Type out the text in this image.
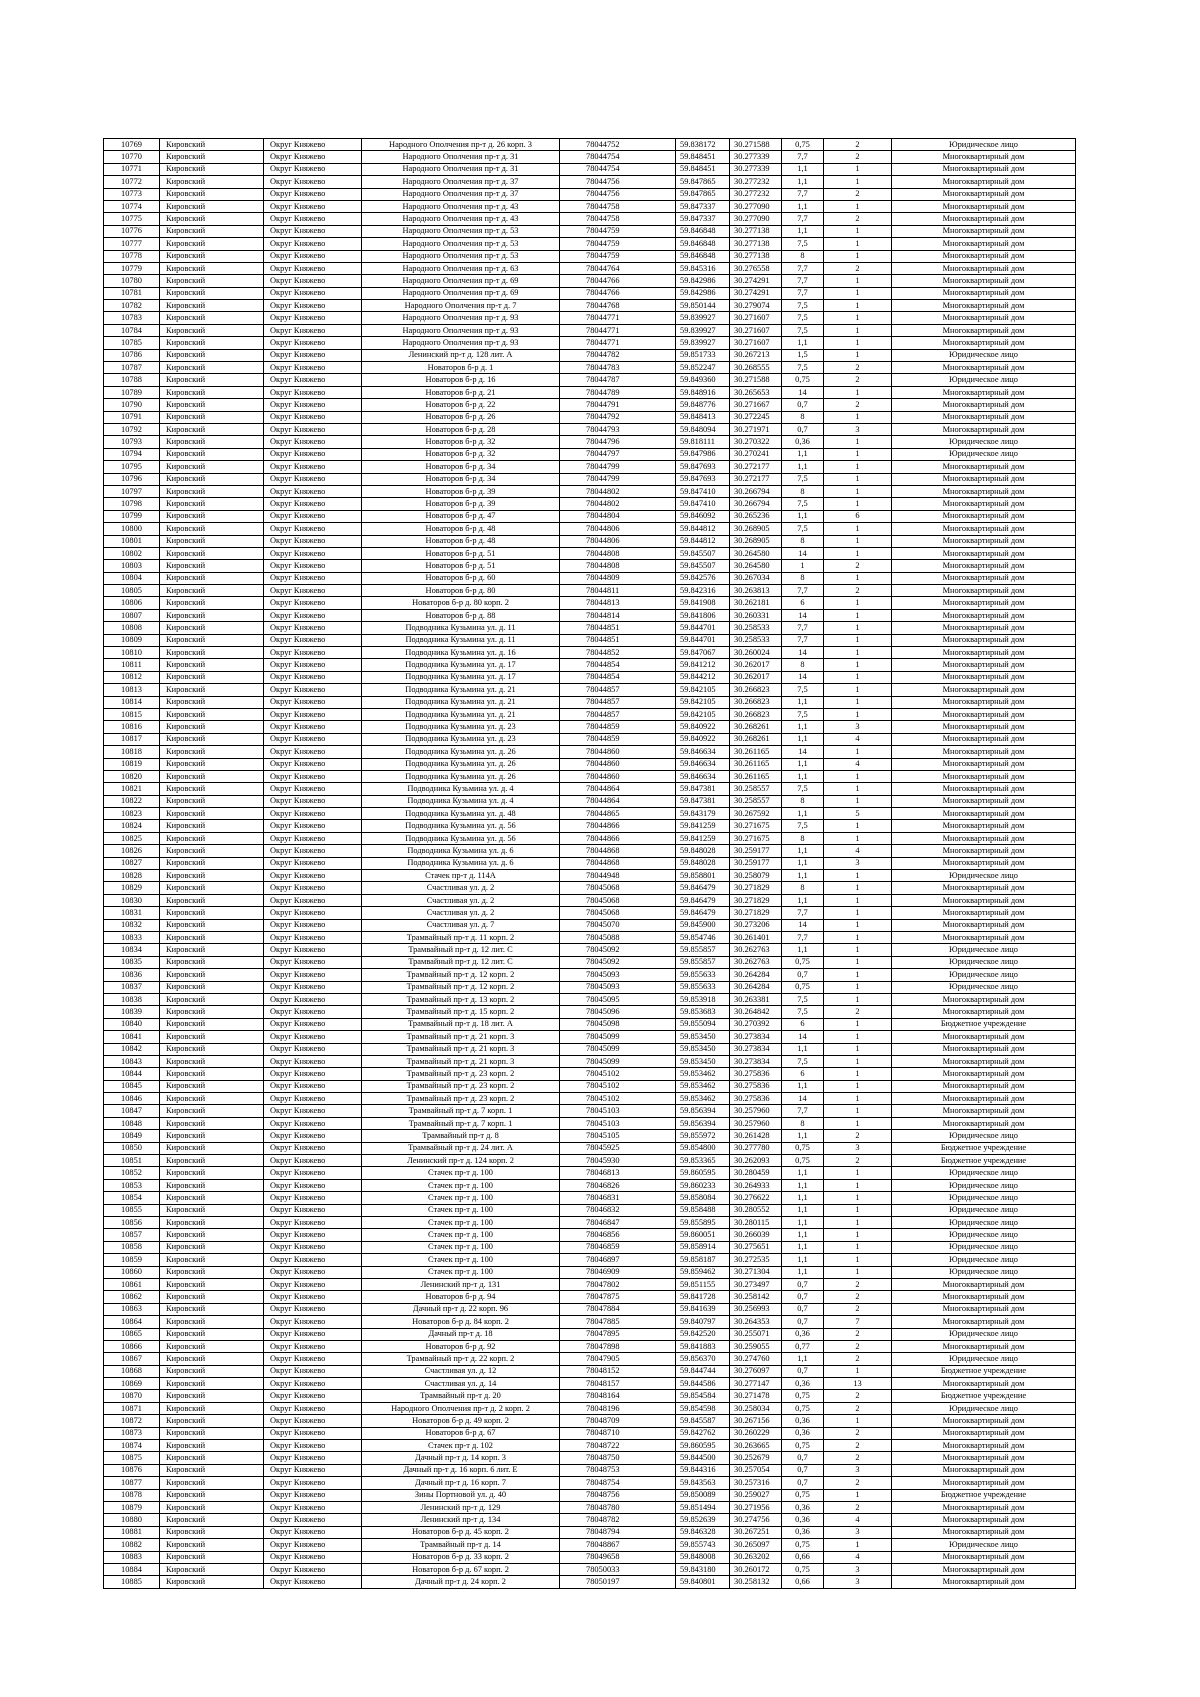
10769	Кировский	Округ Княжево	Народного Ополчения пр-т д. 26 корп. 3	78044752	59.838172	30.271588	0,75	2	Юридическое лицо
10770	Кировский	Округ Княжево	Народного Ополчения пр-т д. 31	78044754	59.848451	30.277339	7,7	2	Многоквартирный дом
10771	Кировский	Округ Княжево	Народного Ополчения пр-т д. 31	78044754	59.848451	30.277339	1,1	1	Многоквартирный дом
10772	Кировский	Округ Княжево	Народного Ополчения пр-т д. 37	78044756	59.847865	30.277232	1,1	1	Многоквартирный дом
10773	Кировский	Округ Княжево	Народного Ополчения пр-т д. 37	78044756	59.847865	30.277232	7,7	2	Многоквартирный дом
10774	Кировский	Округ Княжево	Народного Ополчения пр-т д. 43	78044758	59.847337	30.277090	1,1	1	Многоквартирный дом
10775	Кировский	Округ Княжево	Народного Ополчения пр-т д. 43	78044758	59.847337	30.277090	7,7	2	Многоквартирный дом
10776	Кировский	Округ Княжево	Народного Ополчения пр-т д. 53	78044759	59.846848	30.277138	1,1	1	Многоквартирный дом
10777	Кировский	Округ Княжево	Народного Ополчения пр-т д. 53	78044759	59.846848	30.277138	7,5	1	Многоквартирный дом
10778	Кировский	Округ Княжево	Народного Ополчения пр-т д. 53	78044759	59.846848	30.277138	8	1	Многоквартирный дом
10779	Кировский	Округ Княжево	Народного Ополчения пр-т д. 63	78044764	59.845316	30.276558	7,7	2	Многоквартирный дом
10780	Кировский	Округ Княжево	Народного Ополчения пр-т д. 69	78044766	59.842986	30.274291	7,7	1	Многоквартирный дом
10781	Кировский	Округ Княжево	Народного Ополчения пр-т д. 69	78044766	59.842986	30.274291	7,7	1	Многоквартирный дом
10782	Кировский	Округ Княжево	Народного Ополчения пр-т д. 7	78044768	59.850144	30.279074	7,5	1	Многоквартирный дом
10783	Кировский	Округ Княжево	Народного Ополчения пр-т д. 93	78044771	59.839927	30.271607	7,5	1	Многоквартирный дом
10784	Кировский	Округ Княжево	Народного Ополчения пр-т д. 93	78044771	59.839927	30.271607	7,5	1	Многоквартирный дом
10785	Кировский	Округ Княжево	Народного Ополчения пр-т д. 93	78044771	59.839927	30.271607	1,1	1	Многоквартирный дом
10786	Кировский	Округ Княжево	Ленинский пр-т д. 128 лит. А	78044782	59.851733	30.267213	1,5	1	Юридическое лицо
10787	Кировский	Округ Княжево	Новаторов б-р д. 1	78044783	59.852247	30.268555	7,5	2	Многоквартирный дом
10788	Кировский	Округ Княжево	Новаторов б-р д. 16	78044787	59.849360	30.271588	0,75	2	Юридическое лицо
10789	Кировский	Округ Княжево	Новаторов б-р д. 21	78044789	59.848916	30.265653	14	1	Многоквартирный дом
10790	Кировский	Округ Княжево	Новаторов б-р д. 22	78044791	59.848776	30.271667	0,7	2	Многоквартирный дом
10791	Кировский	Округ Княжево	Новаторов б-р д. 26	78044792	59.848413	30.272245	8	1	Многоквартирный дом
10792	Кировский	Округ Княжево	Новаторов б-р д. 28	78044793	59.848094	30.271971	0,7	3	Многоквартирный дом
10793	Кировский	Округ Княжево	Новаторов б-р д. 32	78044796	59.818111	30.270322	0,36	1	Юридическое лицо
10794	Кировский	Округ Княжево	Новаторов б-р д. 32	78044797	59.847986	30.270241	1,1	1	Юридическое лицо
10795	Кировский	Округ Княжево	Новаторов б-р д. 34	78044799	59.847693	30.272177	1,1	1	Многоквартирный дом
10796	Кировский	Округ Княжево	Новаторов б-р д. 34	78044799	59.847693	30.272177	7,5	1	Многоквартирный дом
10797	Кировский	Округ Княжево	Новаторов б-р д. 39	78044802	59.847410	30.266794	8	1	Многоквартирный дом
10798	Кировский	Округ Княжево	Новаторов б-р д. 39	78044802	59.847410	30.266794	7,5	1	Многоквартирный дом
10799	Кировский	Округ Княжево	Новаторов б-р д. 47	78044804	59.846092	30.265236	1,1	6	Многоквартирный дом
10800	Кировский	Округ Княжево	Новаторов б-р д. 48	78044806	59.844812	30.268905	7,5	1	Многоквартирный дом
10801	Кировский	Округ Княжево	Новаторов б-р д. 48	78044806	59.844812	30.268905	8	1	Многоквартирный дом
10802	Кировский	Округ Княжево	Новаторов б-р д. 51	78044808	59.845507	30.264580	14	1	Многоквартирный дом
10803	Кировский	Округ Княжево	Новаторов б-р д. 51	78044808	59.845507	30.264580	1	2	Многоквартирный дом
10804	Кировский	Округ Княжево	Новаторов б-р д. 60	78044809	59.842576	30.267034	8	1	Многоквартирный дом
10805	Кировский	Округ Княжево	Новаторов б-р д. 80	78044811	59.842316	30.263813	7,7	2	Многоквартирный дом
10806	Кировский	Округ Княжево	Новаторов б-р д. 80 корп. 2	78044813	59.841908	30.262181	6	1	Многоквартирный дом
10807	Кировский	Округ Княжево	Новаторов б-р д. 88	78044814	59.841806	30.260331	14	1	Многоквартирный дом
10808	Кировский	Округ Княжево	Подводника Кузьмина ул. д. 11	78044851	59.844701	30.258533	7,7	1	Многоквартирный дом
10809	Кировский	Округ Княжево	Подводника Кузьмина ул. д. 11	78044851	59.844701	30.258533	7,7	1	Многоквартирный дом
10810	Кировский	Округ Княжево	Подводника Кузьмина ул. д. 16	78044852	59.847067	30.260024	14	1	Многоквартирный дом
10811	Кировский	Округ Княжево	Подводника Кузьмина ул. д. 17	78044854	59.841212	30.262017	8	1	Многоквартирный дом
10812	Кировский	Округ Княжево	Подводника Кузьмина ул. д. 17	78044854	59.844212	30.262017	14	1	Многоквартирный дом
10813	Кировский	Округ Княжево	Подводника Кузьмина ул. д. 21	78044857	59.842105	30.266823	7,5	1	Многоквартирный дом
10814	Кировский	Округ Княжево	Подводника Кузьмина ул. д. 21	78044857	59.842105	30.266823	1,1	1	Многоквартирный дом
10815	Кировский	Округ Княжево	Подводника Кузьмина ул. д. 21	78044857	59.842105	30.266823	7,5	1	Многоквартирный дом
10816	Кировский	Округ Княжево	Подводника Кузьмина ул. д. 23	78044859	59.840922	30.268261	1,1	3	Многоквартирный дом
10817	Кировский	Округ Княжево	Подводника Кузьмина ул. д. 23	78044859	59.840922	30.268261	1,1	4	Многоквартирный дом
10818	Кировский	Округ Княжево	Подводника Кузьмина ул. д. 26	78044860	59.846634	30.261165	14	1	Многоквартирный дом
10819	Кировский	Округ Княжево	Подводника Кузьмина ул. д. 26	78044860	59.846634	30.261165	1,1	4	Многоквартирный дом
10820	Кировский	Округ Княжево	Подводника Кузьмина ул. д. 26	78044860	59.846634	30.261165	1,1	1	Многоквартирный дом
10821	Кировский	Округ Княжево	Подводника Кузьмина ул. д. 4	78044864	59.847381	30.258557	7,5	1	Многоквартирный дом
10822	Кировский	Округ Княжево	Подводника Кузьмина ул. д. 4	78044864	59.847381	30.258557	8	1	Многоквартирный дом
10823	Кировский	Округ Княжево	Подводника Кузьмина ул. д. 48	78044865	59.843179	30.267592	1,1	5	Многоквартирный дом
10824	Кировский	Округ Княжево	Подводника Кузьмина ул. д. 56	78044866	59.841259	30.271675	7,5	1	Многоквартирный дом
10825	Кировский	Округ Княжево	Подводника Кузьмина ул. д. 56	78044866	59.841259	30.271675	8	1	Многоквартирный дом
10826	Кировский	Округ Княжево	Подводника Кузьмина ул. д. 6	78044868	59.848028	30.259177	1,1	4	Многоквартирный дом
10827	Кировский	Округ Княжево	Подводника Кузьмина ул. д. 6	78044868	59.848028	30.259177	1,1	3	Многоквартирный дом
10828	Кировский	Округ Княжево	Стачек пр-т д. 114А	78044948	59.858801	30.258079	1,1	1	Юридическое лицо
10829	Кировский	Округ Княжево	Счастливая ул. д. 2	78045068	59.846479	30.271829	8	1	Многоквартирный дом
10830	Кировский	Округ Княжево	Счастливая ул. д. 2	78045068	59.846479	30.271829	1,1	1	Многоквартирный дом
10831	Кировский	Округ Княжево	Счастливая ул. д. 2	78045068	59.846479	30.271829	7,7	1	Многоквартирный дом
10832	Кировский	Округ Княжево	Счастливая ул. д. 7	78045070	59.845900	30.273206	14	1	Многоквартирный дом
10833	Кировский	Округ Княжево	Трамвайный пр-т д. 11 корп. 2	78045088	59.854746	30.261401	7,7	1	Многоквартирный дом
10834	Кировский	Округ Княжево	Трамвайный пр-т д. 12 лит. С	78045092	59.855857	30.262763	1,1	1	Юридическое лицо
10835	Кировский	Округ Княжево	Трамвайный пр-т д. 12 лит. С	78045092	59.855857	30.262763	0,75	1	Юридическое лицо
10836	Кировский	Округ Княжево	Трамвайный пр-т д. 12 корп. 2	78045093	59.855633	30.264284	0,7	1	Юридическое лицо
10837	Кировский	Округ Княжево	Трамвайный пр-т д. 12 корп. 2	78045093	59.855633	30.264284	0,75	1	Юридическое лицо
10838	Кировский	Округ Княжево	Трамвайный пр-т д. 13 корп. 2	78045095	59.853918	30.263381	7,5	1	Многоквартирный дом
10839	Кировский	Округ Княжево	Трамвайный пр-т д. 15 корп. 2	78045096	59.853683	30.264842	7,5	2	Многоквартирный дом
10840	Кировский	Округ Княжево	Трамвайный пр-т д. 18 лит. А	78045098	59.855094	30.270392	6	1	Бюджетное учреждение
10841	Кировский	Округ Княжево	Трамвайный пр-т д. 21 корп. 3	78045099	59.853450	30.273834	14	1	Многоквартирный дом
10842	Кировский	Округ Княжево	Трамвайный пр-т д. 21 корп. 3	78045099	59.853450	30.273834	1,1	1	Многоквартирный дом
10843	Кировский	Округ Княжево	Трамвайный пр-т д. 21 корп. 3	78045099	59.853450	30.273834	7,5	1	Многоквартирный дом
10844	Кировский	Округ Княжево	Трамвайный пр-т д. 23 корп. 2	78045102	59.853462	30.275836	6	1	Многоквартирный дом
10845	Кировский	Округ Княжево	Трамвайный пр-т д. 23 корп. 2	78045102	59.853462	30.275836	1,1	1	Многоквартирный дом
10846	Кировский	Округ Княжево	Трамвайный пр-т д. 23 корп. 2	78045102	59.853462	30.275836	14	1	Многоквартирный дом
10847	Кировский	Округ Княжево	Трамвайный пр-т д. 7 корп. 1	78045103	59.856394	30.257960	7,7	1	Многоквартирный дом
10848	Кировский	Округ Княжево	Трамвайный пр-т д. 7 корп. 1	78045103	59.856394	30.257960	8	1	Многоквартирный дом
10849	Кировский	Округ Княжево	Трамвайный пр-т д. 8	78045105	59.855972	30.261428	1,1	2	Юридическое лицо
10850	Кировский	Округ Княжево	Трамвайный пр-т д. 24 лит. А	78045925	59.854800	30.277780	0,75	3	Бюджетное учреждение
10851	Кировский	Округ Княжево	Ленинский пр-т д. 124 корп. 2	78045930	59.853365	30.262093	0,75	2	Бюджетное учреждение
10852	Кировский	Округ Княжево	Стачек пр-т д. 100	78046813	59.860595	30.280459	1,1	1	Юридическое лицо
10853	Кировский	Округ Княжево	Стачек пр-т д. 100	78046826	59.860233	30.264933	1,1	1	Юридическое лицо
10854	Кировский	Округ Княжево	Стачек пр-т д. 100	78046831	59.858084	30.276622	1,1	1	Юридическое лицо
10855	Кировский	Округ Княжево	Стачек пр-т д. 100	78046832	59.858488	30.280552	1,1	1	Юридическое лицо
10856	Кировский	Округ Княжево	Стачек пр-т д. 100	78046847	59.855895	30.280115	1,1	1	Юридическое лицо
10857	Кировский	Округ Княжево	Стачек пр-т д. 100	78046856	59.860051	30.266039	1,1	1	Юридическое лицо
10858	Кировский	Округ Княжево	Стачек пр-т д. 100	78046859	59.858914	30.275651	1,1	1	Юридическое лицо
10859	Кировский	Округ Княжево	Стачек пр-т д. 100	78046897	59.858187	30.272535	1,1	1	Юридическое лицо
10860	Кировский	Округ Княжево	Стачек пр-т д. 100	78046909	59.859462	30.271304	1,1	1	Юридическое лицо
10861	Кировский	Округ Княжево	Ленинский пр-т д. 131	78047802	59.851155	30.273497	0,7	2	Многоквартирный дом
10862	Кировский	Округ Княжево	Новаторов б-р д. 94	78047875	59.841728	30.258142	0,7	2	Многоквартирный дом
10863	Кировский	Округ Княжево	Дачный пр-т д. 22 корп. 96	78047884	59.841639	30.256993	0,7	2	Многоквартирный дом
10864	Кировский	Округ Княжево	Новаторов б-р д. 84 корп. 2	78047885	59.840797	30.264353	0,7	7	Многоквартирный дом
10865	Кировский	Округ Княжево	Дачный пр-т д. 18	78047895	59.842520	30.255071	0,36	2	Юридическое лицо
10866	Кировский	Округ Княжево	Новаторов б-р д. 92	78047898	59.841883	30.259055	0,77	2	Многоквартирный дом
10867	Кировский	Округ Княжево	Трамвайный пр-т д. 22 корп. 2	78047905	59.856370	30.274760	1,1	2	Юридическое лицо
10868	Кировский	Округ Княжево	Счастливая ул. д. 12	78048152	59.844744	30.276097	0,7	1	Бюджетное учреждение
10869	Кировский	Округ Княжево	Счастливая ул. д. 14	78048157	59.844586	30.277147	0,36	13	Многоквартирный дом
10870	Кировский	Округ Княжево	Трамвайный пр-т д. 20	78048164	59.854584	30.271478	0,75	2	Бюджетное учреждение
10871	Кировский	Округ Княжево	Народного Ополчения пр-т д. 2 корп. 2	78048196	59.854598	30.258034	0,75	2	Юридическое лицо
10872	Кировский	Округ Княжево	Новаторов б-р д. 49 корп. 2	78048709	59.845587	30.267156	0,36	1	Многоквартирный дом
10873	Кировский	Округ Княжево	Новаторов б-р д. 67	78048710	59.842762	30.260229	0,36	2	Многоквартирный дом
10874	Кировский	Округ Княжево	Стачек пр-т д. 102	78048722	59.860595	30.263665	0,75	2	Многоквартирный дом
10875	Кировский	Округ Княжево	Дачный пр-т д. 14 корп. 3	78048750	59.844500	30.252679	0,7	2	Многоквартирный дом
10876	Кировский	Округ Княжево	Дачный пр-т д. 16 корп. 6 лит. Е	78048753	59.844316	30.257054	0,7	3	Многоквартирный дом
10877	Кировский	Округ Княжево	Дачный пр-т д. 16 корп. 7	78048754	59.843563	30.257316	0,7	2	Многоквартирный дом
10878	Кировский	Округ Княжево	Зины Портновой ул. д. 40	78048756	59.850089	30.259027	0,75	1	Бюджетное учреждение
10879	Кировский	Округ Княжево	Ленинский пр-т д. 129	78048780	59.851494	30.271956	0,36	2	Многоквартирный дом
10880	Кировский	Округ Княжево	Ленинский пр-т д. 134	78048782	59.852639	30.274756	0,36	4	Многоквартирный дом
10881	Кировский	Округ Княжево	Новаторов б-р д. 45 корп. 2	78048794	59.846328	30.267251	0,36	3	Многоквартирный дом
10882	Кировский	Округ Княжево	Трамвайный пр-т д. 14	78048867	59.855743	30.265097	0,75	1	Юридическое лицо
10883	Кировский	Округ Княжево	Новаторов б-р д. 33 корп. 2	78049658	59.848008	30.263202	0,66	4	Многоквартирный дом
10884	Кировский	Округ Княжево	Новаторов б-р д. 67 корп. 2	78050033	59.843180	30.260172	0,75	3	Многоквартирный дом
10885	Кировский	Округ Княжево	Дачный пр-т д. 24 корп. 2	78050197	59.840801	30.258132	0,66	3	Многоквартирный дом
